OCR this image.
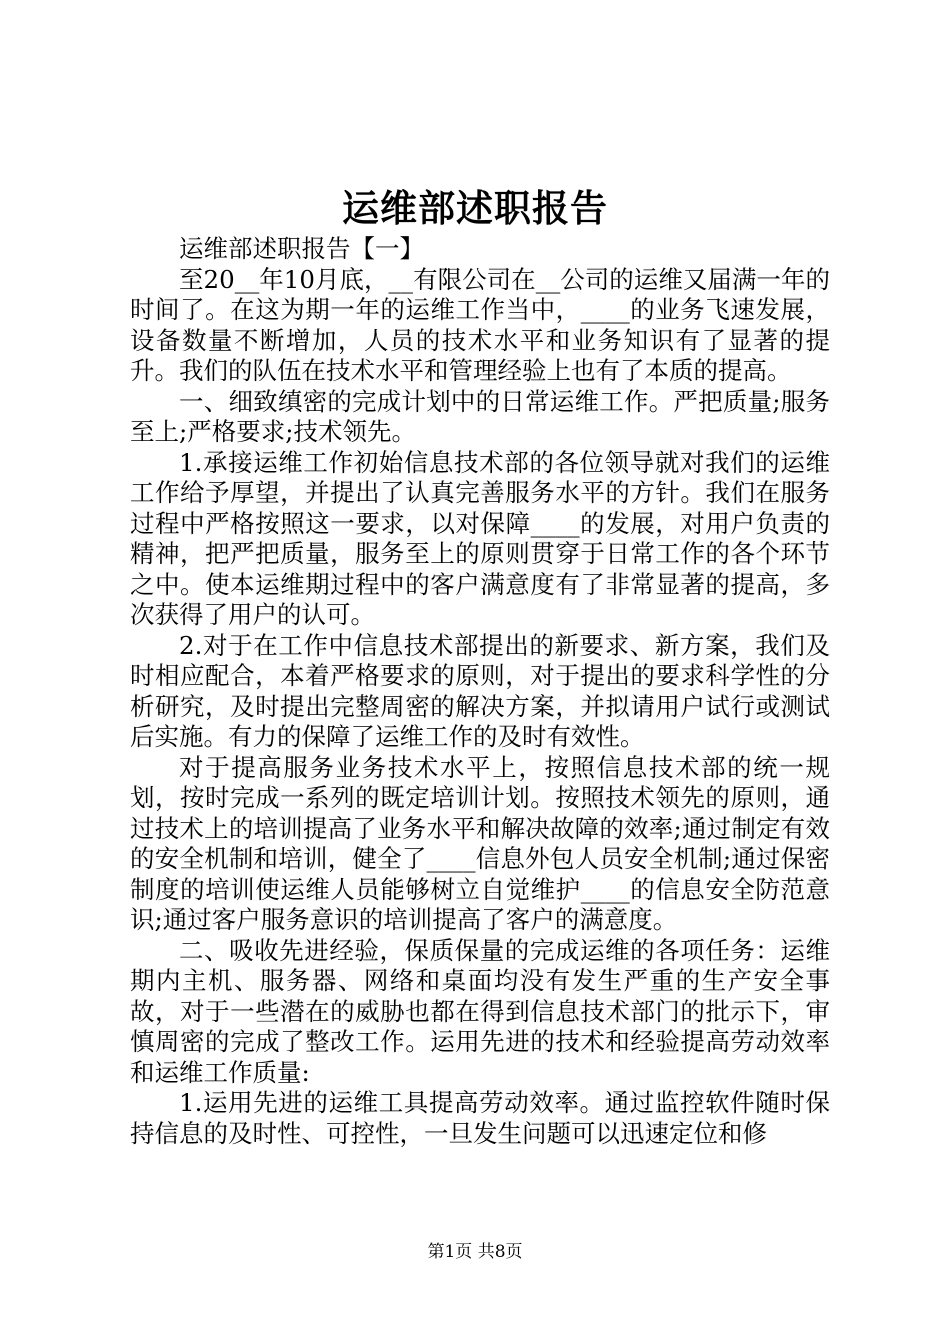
运维部述职报告

运维部述职报告【一】

至20__年10月底，__有限公司在__公司的运维又届满一年的时间了。在这为期一年的运维工作当中，____的业务飞速发展，设备数量不断增加，人员的技术水平和业务知识有了显著的提升。我们的队伍在技术水平和管理经验上也有了本质的提高。

一、细致缜密的完成计划中的日常运维工作。严把质量;服务至上;严格要求;技术领先。

1.承接运维工作初始信息技术部的各位领导就对我们的运维工作给予厚望，并提出了认真完善服务水平的方针。我们在服务过程中严格按照这一要求，以对保障____的发展，对用户负责的精神，把严把质量，服务至上的原则贯穿于日常工作的各个环节之中。使本运维期过程中的客户满意度有了非常显著的提高，多次获得了用户的认可。

2.对于在工作中信息技术部提出的新要求、新方案，我们及时相应配合，本着严格要求的原则，对于提出的要求科学性的分析研究，及时提出完整周密的解决方案，并拟请用户试行或测试后实施。有力的保障了运维工作的及时有效性。

对于提高服务业务技术水平上，按照信息技术部的统一规划，按时完成一系列的既定培训计划。按照技术领先的原则，通过技术上的培训提高了业务水平和解决故障的效率;通过制定有效的安全机制和培训，健全了____信息外包人员安全机制;通过保密制度的培训使运维人员能够树立自觉维护____的信息安全防范意识;通过客户服务意识的培训提高了客户的满意度。

二、吸收先进经验，保质保量的完成运维的各项任务：运维期内主机、服务器、网络和桌面均没有发生严重的生产安全事故，对于一些潜在的威胁也都在得到信息技术部门的批示下，审慎周密的完成了整改工作。运用先进的技术和经验提高劳动效率和运维工作质量:

1.运用先进的运维工具提高劳动效率。通过监控软件随时保持信息的及时性、可控性，一旦发生问题可以迅速定位和修

第1页 共8页
